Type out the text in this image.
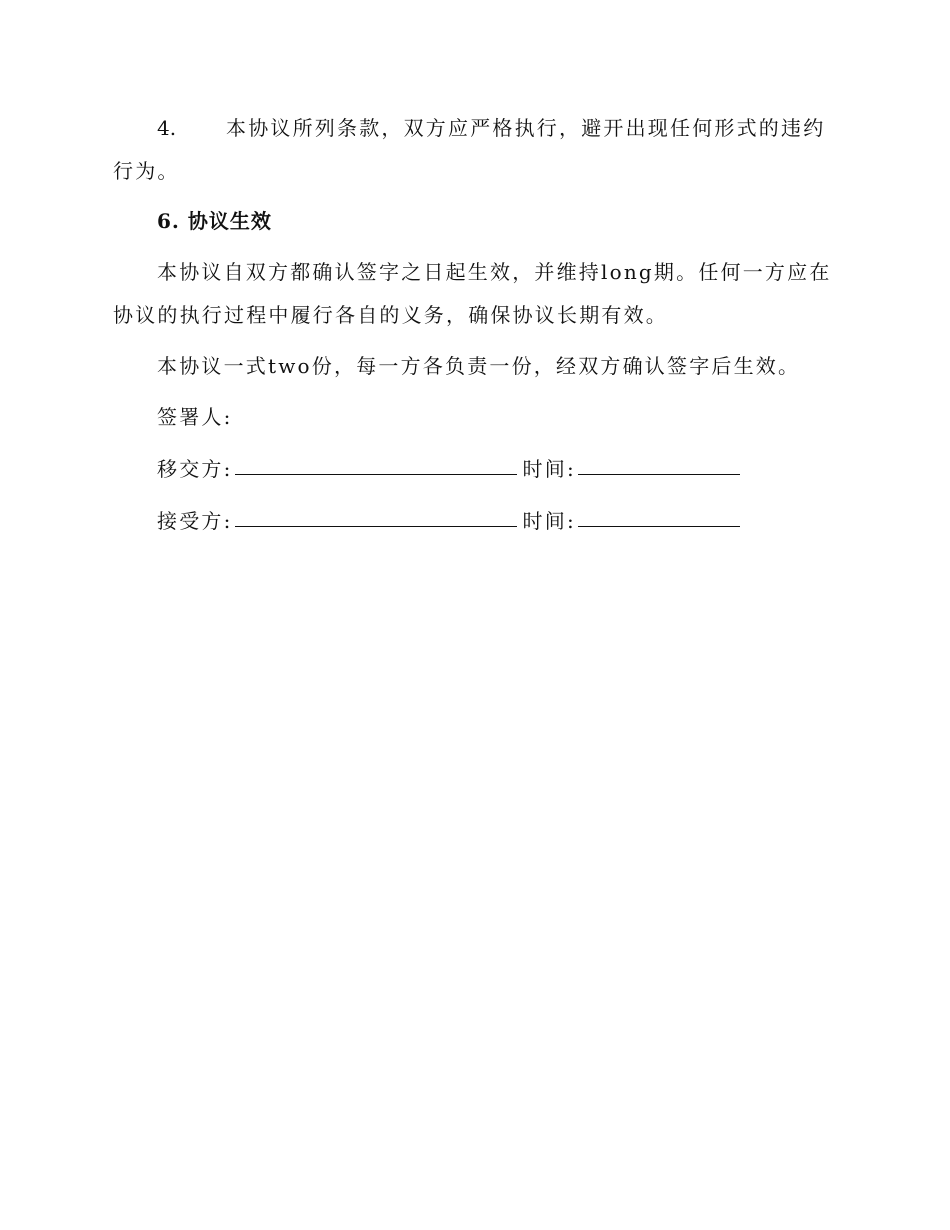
4. 本协议所列条款，双方应严格执行，避开出现任何形式的违约行为。
6. 协议生效
本协议自双方都确认签字之日起生效，并维持long期。任何一方应在协议的执行过程中履行各自的义务，确保协议长期有效。
本协议一式two份，每一方各负责一份，经双方确认签字后生效。
签署人:
移交方:	时间:
接受方:	时间:
